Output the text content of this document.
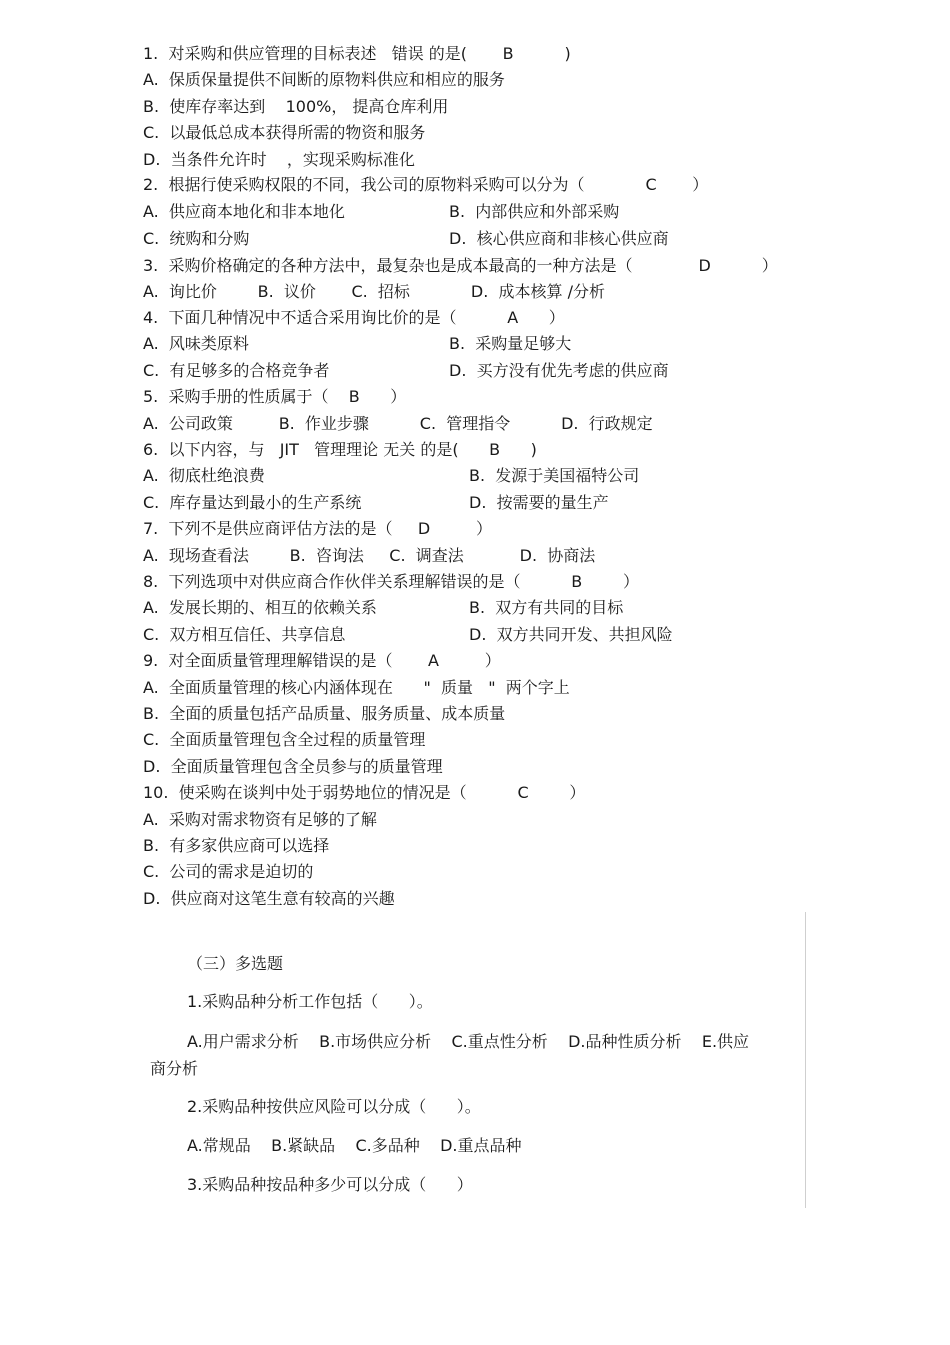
1.  对采购和供应管理的目标表述   错误 的是(       B          )
A.  保质保量提供不间断的原物料供应和相应的服务
B.  使库存率达到    100%， 提高仓库利用
C.  以最低总成本获得所需的物资和服务
D.  当条件允许时    ，实现采购标准化
2.  根据行使采购权限的不同，我公司的原物料采购可以分为（            C       ）
A.  供应商本地化和非本地化	B.  内部供应和外部采购
C.  统购和分购	D.  核心供应商和非核心供应商
3.  采购价格确定的各种方法中，最复杂也是成本最高的一种方法是（             D          ）
A.  询比价        B.  议价       C.  招标            D.  成本核算 /分析
4.  下面几种情况中不适合采用询比价的是（          A      ）
A.  风味类原料	B.  采购量足够大
C.  有足够多的合格竞争者	D.  买方没有优先考虑的供应商
5.  采购手册的性质属于（    B      ）
A.  公司政策         B.  作业步骤          C.  管理指令          D.  行政规定
6.  以下内容，与   JIT   管理理论 无关 的是(      B      )
A.  彻底杜绝浪费	B.  发源于美国福特公司
C.  库存量达到最小的生产系统	D.  按需要的量生产
7.  下列不是供应商评估方法的是（     D         ）
A.  现场查看法        B.  咨询法     C.  调查法           D.  协商法
8.  下列选项中对供应商合作伙伴关系理解错误的是（          B        ）
A.  发展长期的、相互的依赖关系	B.  双方有共同的目标
C.  双方相互信任、共享信息	D.  双方共同开发、共担风险
9.  对全面质量管理理解错误的是（       A         ）
A.  全面质量管理的核心内涵体现在      "  质量   "  两个字上
B.  全面的质量包括产品质量、服务质量、成本质量
C.  全面质量管理包含全过程的质量管理
D.  全面质量管理包含全员参与的质量管理
10.  使采购在谈判中处于弱势地位的情况是（          C        ）
A.  采购对需求物资有足够的了解
B.  有多家供应商可以选择
C.  公司的需求是迫切的
D.  供应商对这笔生意有较高的兴趣
（三）多选题
1.采购品种分析工作包括（      ）。
A.用户需求分析    B.市场供应分析    C.重点性分析    D.品种性质分析    E.供应
商分析
2.采购品种按供应风险可以分成（      ）。
A.常规品    B.紧缺品    C.多品种    D.重点品种
3.采购品种按品种多少可以分成（      ）
